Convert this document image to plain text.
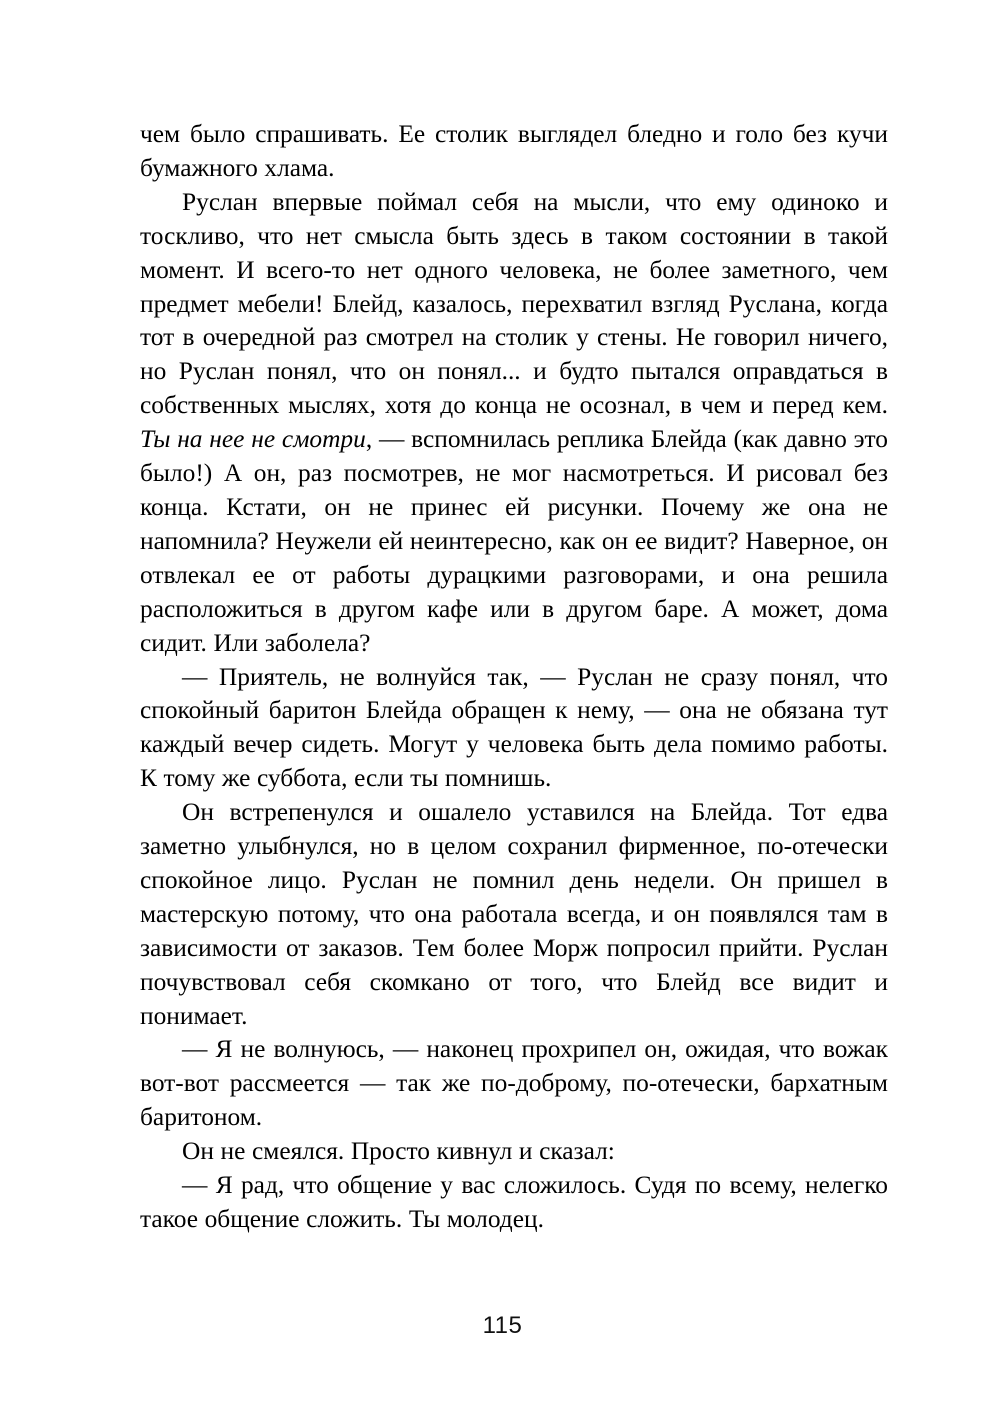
чем было спрашивать. Ее столик выглядел бледно и голо без кучи бумажного хлама.

Руслан впервые поймал себя на мысли, что ему одиноко и тоскливо, что нет смысла быть здесь в таком состоянии в такой момент. И всего-то нет одного человека, не более заметного, чем предмет мебели! Блейд, казалось, перехватил взгляд Руслана, когда тот в очередной раз смотрел на столик у стены. Не говорил ничего, но Руслан понял, что он понял... и будто пытался оправдаться в собственных мыслях, хотя до конца не осознал, в чем и перед кем. Ты на нее не смотри, — вспомнилась реплика Блейда (как давно это было!) А он, раз посмотрев, не мог насмотреться. И рисовал без конца. Кстати, он не принес ей рисунки. Почему же она не напомнила? Неужели ей неинтересно, как он ее видит? Наверное, он отвлекал ее от работы дурацкими разговорами, и она решила расположиться в другом кафе или в другом баре. А может, дома сидит. Или заболела?

— Приятель, не волнуйся так, — Руслан не сразу понял, что спокойный баритон Блейда обращен к нему, — она не обязана тут каждый вечер сидеть. Могут у человека быть дела помимо работы. К тому же суббота, если ты помнишь.

Он встрепенулся и ошалело уставился на Блейда. Тот едва заметно улыбнулся, но в целом сохранил фирменное, по-отечески спокойное лицо. Руслан не помнил день недели. Он пришел в мастерскую потому, что она работала всегда, и он появлялся там в зависимости от заказов. Тем более Морж попросил прийти. Руслан почувствовал себя скомкано от того, что Блейд все видит и понимает.

— Я не волнуюсь, — наконец прохрипел он, ожидая, что вожак вот-вот рассмеется — так же по-доброму, по-отечески, бархатным баритоном.

Он не смеялся. Просто кивнул и сказал:

— Я рад, что общение у вас сложилось. Судя по всему, нелегко такое общение сложить. Ты молодец.

115
